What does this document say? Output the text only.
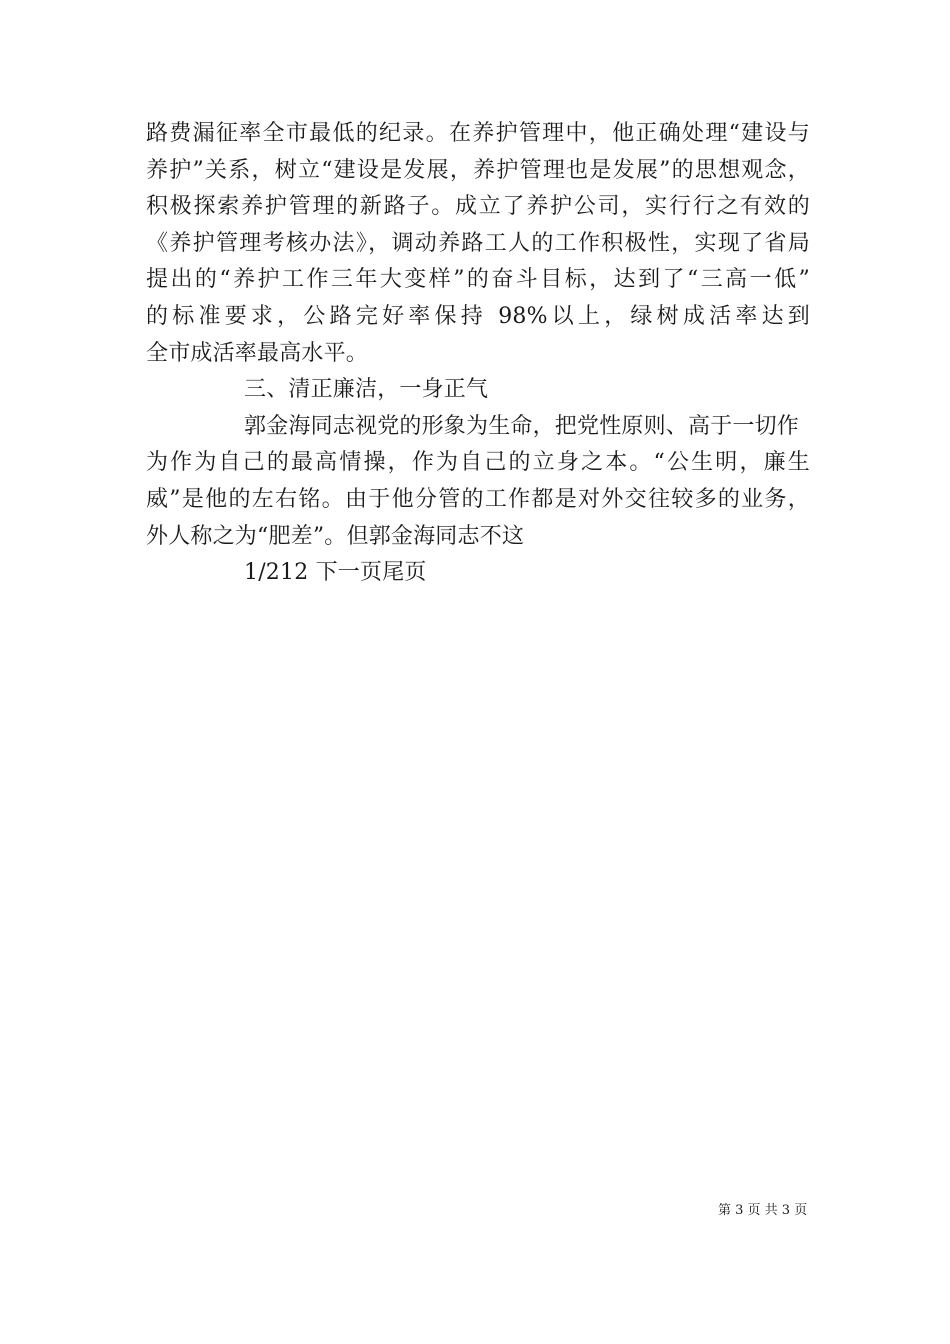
路费漏征率全市最低的纪录。在养护管理中，他正确处理“建设与
养护”关系，树立“建设是发展，养护管理也是发展”的思想观念，
积极探索养护管理的新路子。成立了养护公司，实行行之有效的
《养护管理考核办法》，调动养路工人的工作积极性，实现了省局
提出的“养护工作三年大变样”的奋斗目标，达到了“三高一低”
的标准要求，公路完好率保持 98%以上，绿树成活率达到
全市成活率最高水平。
三、清正廉洁，一身正气
郭金海同志视党的形象为生命，把党性原则、高于一切作
为作为自己的最高情操，作为自己的立身之本。“公生明，廉生
威”是他的左右铭。由于他分管的工作都是对外交往较多的业务，
外人称之为“肥差”。但郭金海同志不这
1/212 下一页尾页
第 3 页 共 3 页
